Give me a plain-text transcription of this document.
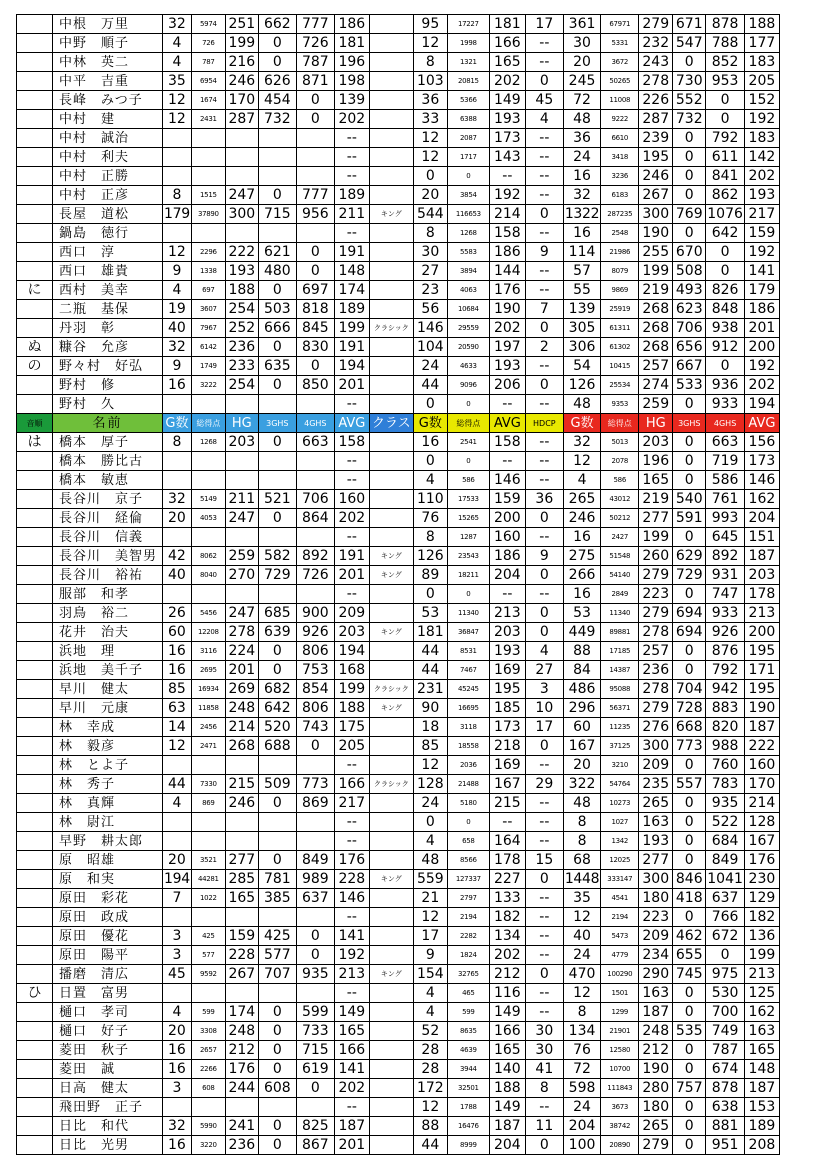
	中根　万里	32	5974	251	662	777	186		95	17227	181	17	361	67971	279	671	878	188
	中野　順子	4	726	199	0	726	181		12	1998	166	--	30	5331	232	547	788	177
	中林　英二	4	787	216	0	787	196		8	1321	165	--	20	3672	243	0	852	183
	中平　吉重	35	6954	246	626	871	198		103	20815	202	0	245	50265	278	730	953	205
	長峰　みつ子	12	1674	170	454	0	139		36	5366	149	45	72	11008	226	552	0	152
	中村　建	12	2431	287	732	0	202		33	6388	193	4	48	9222	287	732	0	192
	中村　誠治						--		12	2087	173	--	36	6610	239	0	792	183
	中村　利夫						--		12	1717	143	--	24	3418	195	0	611	142
	中村　正勝						--		0	0	--	--	16	3236	246	0	841	202
	中村　正彦	8	1515	247	0	777	189		20	3854	192	--	32	6183	267	0	862	193
	長屋　道松	179	37890	300	715	956	211	キング	544	116653	214	0	1322	287235	300	769	1076	217
	鍋島　徳行						--		8	1268	158	--	16	2548	190	0	642	159
	西口　淳	12	2296	222	621	0	191		30	5583	186	9	114	21986	255	670	0	192
	西口　雄貴	9	1338	193	480	0	148		27	3894	144	--	57	8079	199	508	0	141
に	西村　美幸	4	697	188	0	697	174		23	4063	176	--	55	9869	219	493	826	179
	二瓶　基保	19	3607	254	503	818	189		56	10684	190	7	139	25919	268	623	848	186
	丹羽　彰	40	7967	252	666	845	199	クラシック	146	29559	202	0	305	61311	268	706	938	201
ぬ	糠谷　允彦	32	6142	236	0	830	191		104	20590	197	2	306	61302	268	656	912	200
の	野々村　好弘	9	1749	233	635	0	194		24	4633	193	--	54	10415	257	667	0	192
	野村　修	16	3222	254	0	850	201		44	9096	206	0	126	25534	274	533	936	202
	野村　久						--		0	0	--	--	48	9353	259	0	933	194
音順	名前	G数	総得点	HG	3GHS	4GHS	AVG	クラス	G数	総得点	AVG	HDCP	G数	総得点	HG	3GHS	4GHS	AVG
は	橋本　厚子	8	1268	203	0	663	158		16	2541	158	--	32	5013	203	0	663	156
	橋本　勝比古						--		0	0	--	--	12	2078	196	0	719	173
	橋本　敏恵						--		4	586	146	--	4	586	165	0	586	146
	長谷川　京子	32	5149	211	521	706	160		110	17533	159	36	265	43012	219	540	761	162
	長谷川　経倫	20	4053	247	0	864	202		76	15265	200	0	246	50212	277	591	993	204
	長谷川　信義						--		8	1287	160	--	16	2427	199	0	645	151
	長谷川　美智男	42	8062	259	582	892	191	キング	126	23543	186	9	275	51548	260	629	892	187
	長谷川　裕祐	40	8040	270	729	726	201	キング	89	18211	204	0	266	54140	279	729	931	203
	服部　和孝						--		0	0	--	--	16	2849	223	0	747	178
	羽鳥　裕二	26	5456	247	685	900	209		53	11340	213	0	53	11340	279	694	933	213
	花井　治夫	60	12208	278	639	926	203	キング	181	36847	203	0	449	89881	278	694	926	200
	浜地　理	16	3116	224	0	806	194		44	8531	193	4	88	17185	257	0	876	195
	浜地　美千子	16	2695	201	0	753	168		44	7467	169	27	84	14387	236	0	792	171
	早川　健太	85	16934	269	682	854	199	クラシック	231	45245	195	3	486	95088	278	704	942	195
	早川　元康	63	11858	248	642	806	188	キング	90	16695	185	10	296	56371	279	728	883	190
	林　幸成	14	2456	214	520	743	175		18	3118	173	17	60	11235	276	668	820	187
	林　毅彦	12	2471	268	688	0	205		85	18558	218	0	167	37125	300	773	988	222
	林　とよ子						--		12	2036	169	--	20	3210	209	0	760	160
	林　秀子	44	7330	215	509	773	166	クラシック	128	21488	167	29	322	54764	235	557	783	170
	林　真輝	4	869	246	0	869	217		24	5180	215	--	48	10273	265	0	935	214
	林　尉江						--		0	0	--	--	8	1027	163	0	522	128
	早野　耕太郎						--		4	658	164	--	8	1342	193	0	684	167
	原　昭雄	20	3521	277	0	849	176		48	8566	178	15	68	12025	277	0	849	176
	原　和実	194	44281	285	781	989	228	キング	559	127337	227	0	1448	333147	300	846	1041	230
	原田　彩花	7	1022	165	385	637	146		21	2797	133	--	35	4541	180	418	637	129
	原田　政成						--		12	2194	182	--	12	2194	223	0	766	182
	原田　優花	3	425	159	425	0	141		17	2282	134	--	40	5473	209	462	672	136
	原田　陽平	3	577	228	577	0	192		9	1824	202	--	24	4779	234	655	0	199
	播磨　清広	45	9592	267	707	935	213	キング	154	32765	212	0	470	100290	290	745	975	213
ひ	日置　富男						--		4	465	116	--	12	1501	163	0	530	125
	樋口　孝司	4	599	174	0	599	149		4	599	149	--	8	1299	187	0	700	162
	樋口　好子	20	3308	248	0	733	165		52	8635	166	30	134	21901	248	535	749	163
	菱田　秋子	16	2657	212	0	715	166		28	4639	165	30	76	12580	212	0	787	165
	菱田　誠	16	2266	176	0	619	141		28	3944	140	41	72	10700	190	0	674	148
	日高　健太	3	608	244	608	0	202		172	32501	188	8	598	111843	280	757	878	187
	飛田野　正子						--		12	1788	149	--	24	3673	180	0	638	153
	日比　和代	32	5990	241	0	825	187		88	16476	187	11	204	38742	265	0	881	189
	日比　光男	16	3220	236	0	867	201		44	8999	204	0	100	20890	279	0	951	208
